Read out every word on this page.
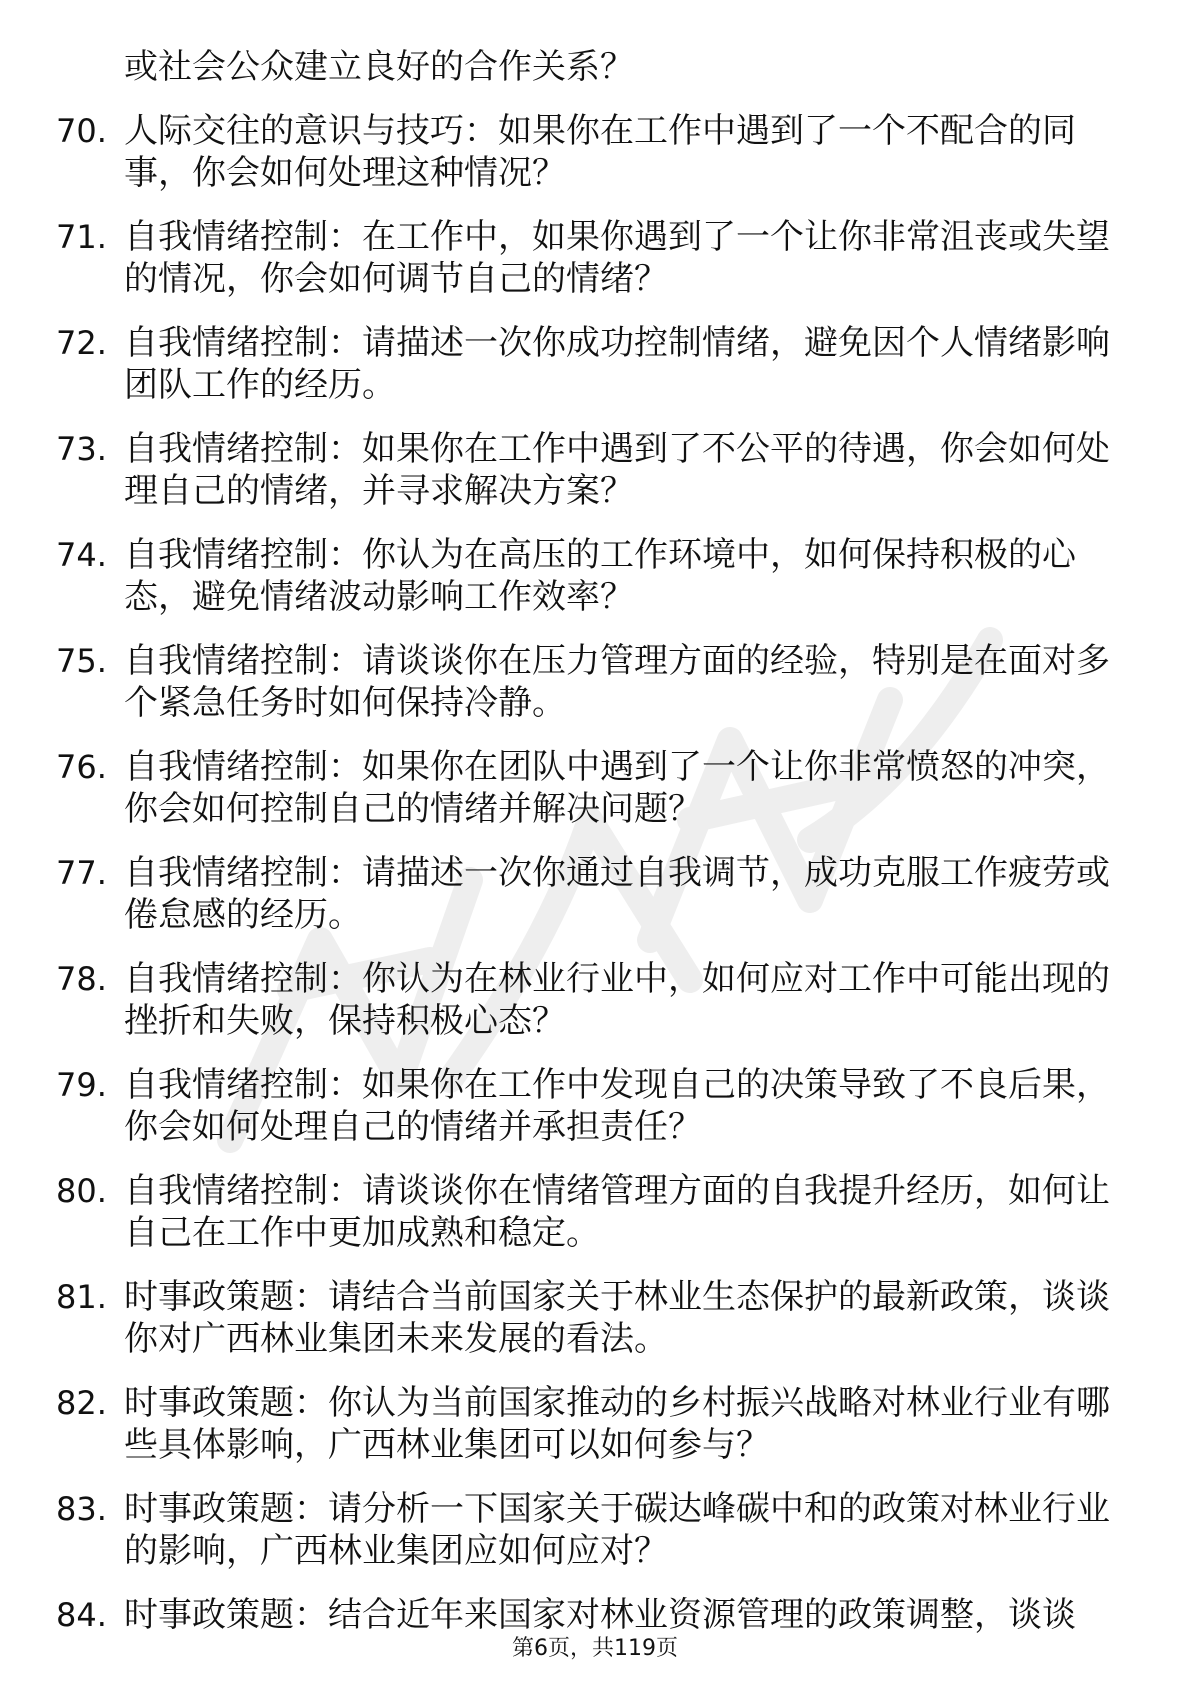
或社会公众建立良好的合作关系？
70. 人际交往的意识与技巧：如果你在工作中遇到了一个不配合的同事，你会如何处理这种情况？
71. 自我情绪控制：在工作中，如果你遇到了一个让你非常沮丧或失望的情况，你会如何调节自己的情绪？
72. 自我情绪控制：请描述一次你成功控制情绪，避免因个人情绪影响团队工作的经历。
73. 自我情绪控制：如果你在工作中遇到了不公平的待遇，你会如何处理自己的情绪，并寻求解决方案？
74. 自我情绪控制：你认为在高压的工作环境中，如何保持积极的心态，避免情绪波动影响工作效率？
75. 自我情绪控制：请谈谈你在压力管理方面的经验，特别是在面对多个紧急任务时如何保持冷静。
76. 自我情绪控制：如果你在团队中遇到了一个让你非常愤怒的冲突，你会如何控制自己的情绪并解决问题？
77. 自我情绪控制：请描述一次你通过自我调节，成功克服工作疲劳或倦怠感的经历。
78. 自我情绪控制：你认为在林业行业中，如何应对工作中可能出现的挫折和失败，保持积极心态？
79. 自我情绪控制：如果你在工作中发现自己的决策导致了不良后果，你会如何处理自己的情绪并承担责任？
80. 自我情绪控制：请谈谈你在情绪管理方面的自我提升经历，如何让自己在工作中更加成熟和稳定。
81. 时事政策题：请结合当前国家关于林业生态保护的最新政策，谈谈你对广西林业集团未来发展的看法。
82. 时事政策题：你认为当前国家推动的乡村振兴战略对林业行业有哪些具体影响，广西林业集团可以如何参与？
83. 时事政策题：请分析一下国家关于碳达峰碳中和的政策对林业行业的影响，广西林业集团应如何应对？
84. 时事政策题：结合近年来国家对林业资源管理的政策调整，谈谈
第6页，共119页
